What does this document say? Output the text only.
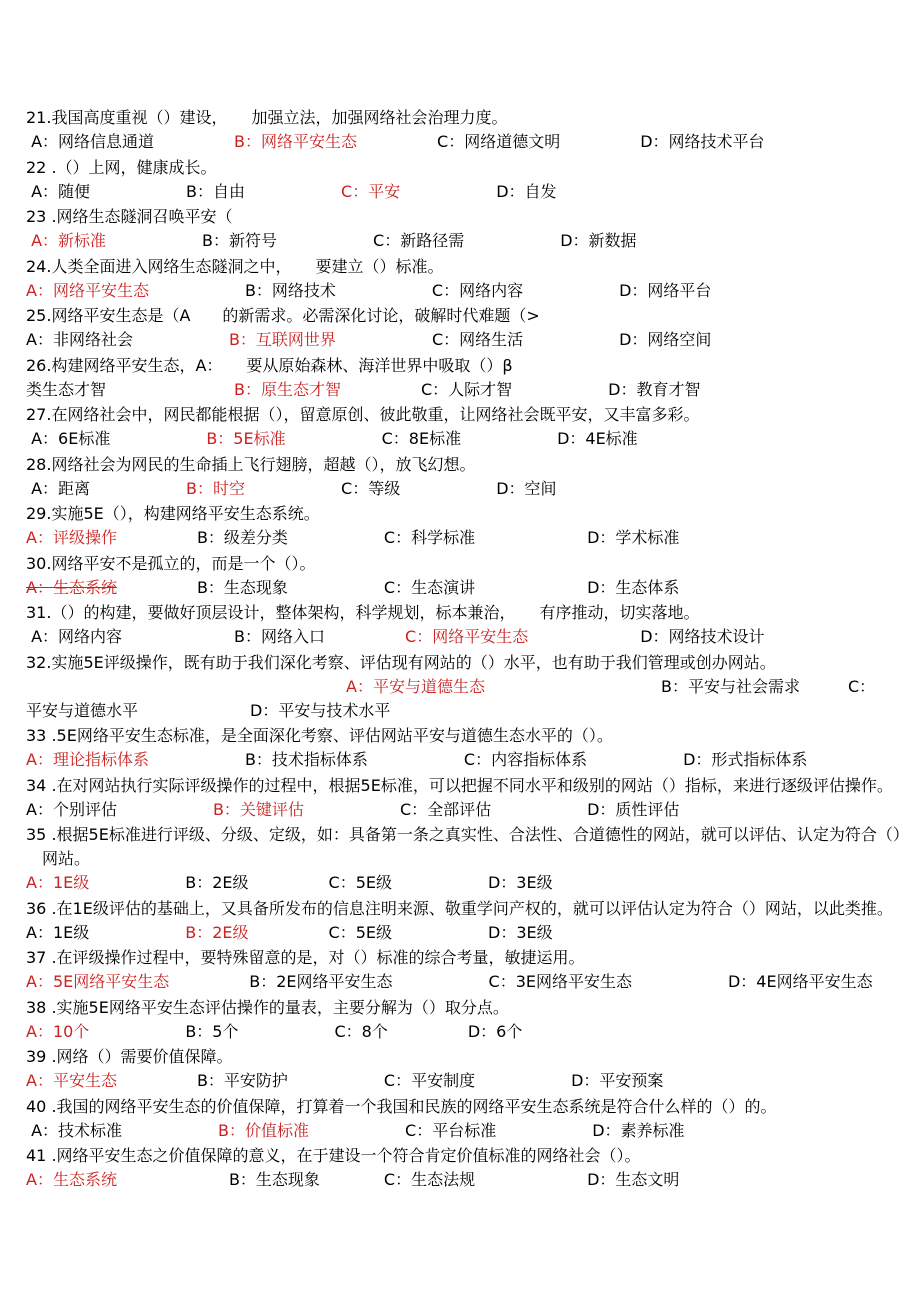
21.我国高度重视（）建设，　　加强立法，加强网络社会治理力度。
A：网络信息通道　　　　　B：网络平安生态　　　　　C：网络道德文明　　　　　D：网络技术平台
22 .（）上网，健康成长。
A：随便　　　　　　B：自由　　　　　　C：平安　　　　　　D：自发
23 .网络生态隧洞召唤平安（
A：新标准　　　　　　B：新符号　　　　　　C：新路径需　　　　　　D：新数据
24.人类全面进入网络生态隧洞之中，　　要建立（）标准。
A：网络平安生态　　　　　　B：网络技术　　　　　　C：网络内容　　　　　　D：网络平台
25.网络平安生态是（A　　的新需求。必需深化讨论，破解时代难题（>
A：非网络社会　　　　　　B：互联网世界　　　　　　C：网络生活　　　　　　D：网络空间
26.构建网络平安生态，A：　　要从原始森林、海洋世界中吸取（）β
类生态才智　　　　　　　　B：原生态才智　　　　　C：人际才智　　　　　　D：教育才智
27.在网络社会中，网民都能根据（），留意原创、彼此敬重，让网络社会既平安，又丰富多彩。
A：6E标准　　　　　　B：5E标准　　　　　　C：8E标准　　　　　　D：4E标准
28.网络社会为网民的生命插上飞行翅膀，超越（），放飞幻想。
A：距离　　　　　　B：时空　　　　　　C：等级　　　　　　D：空间
29.实施5E（），构建网络平安生态系统。
A：评级操作　　　　　B：级差分类　　　　　　C：科学标准　　　　　　　D：学术标准
30.网络平安不是孤立的，而是一个（）。
A：生态系统　　　　　B：生态现象　　　　　　C：生态演讲　　　　　　　D：生态体系
31.（）的构建，要做好顶层设计，整体架构，科学规划，标本兼治，　　有序推动，切实落地。
A：网络内容　　　　　　　B：网络入口　　　　　C：网络平安生态　　　　　　　D：网络技术设计
32.实施5E评级操作，既有助于我们深化考察、评估现有网站的（）水平，也有助于我们管理或创办网站。
　　　　　　　　　　　　　　　　　　　　A：平安与道德生态　　　　　　　　　　　B：平安与社会需求　　　C：
平安与道德水平　　　　　　　D：平安与技术水平
33 .5E网络平安生态标准，是全面深化考察、评估网站平安与道德生态水平的（）。
A：理论指标体系　　　　　　B：技术指标体系　　　　　　C：内容指标体系　　　　　　D：形式指标体系
34 .在对网站执行实际评级操作的过程中，根据5E标准，可以把握不同水平和级别的网站（）指标，来进行逐级评估操作。
A：个别评估　　　　　　B：关键评估　　　　　　C：全部评估　　　　　　D：质性评估
35 .根据5E标准进行评级、分级、定级，如：具备第一条之真实性、合法性、合道德性的网站，就可以评估、认定为符合（）
　网站。
A：1E级　　　　　　B：2E级　　　　　C：5E级　　　　　　D：3E级
36 .在1E级评估的基础上，又具备所发布的信息注明来源、敬重学问产权的，就可以评估认定为符合（）网站，以此类推。
A：1E级　　　　　　B：2E级　　　　　C：5E级　　　　　　D：3E级
37 .在评级操作过程中，要特殊留意的是，对（）标准的综合考量，敏捷运用。
A：5E网络平安生态　　　　　B：2E网络平安生态　　　　　　C：3E网络平安生态　　　　　　D：4E网络平安生态
38 .实施5E网络平安生态评估操作的量表，主要分解为（）取分点。
A：10个　　　　　　B：5个　　　　　　C：8个　　　　　D：6个
39 .网络（）需要价值保障。
A：平安生态　　　　　B：平安防护　　　　　　C：平安制度　　　　　　D：平安预案
40 .我国的网络平安生态的价值保障，打算着一个我国和民族的网络平安生态系统是符合什么样的（）的。
A：技术标准　　　　　　B：价值标准　　　　　　C：平台标准　　　　　　D：素养标准
41 .网络平安生态之价值保障的意义，在于建设一个符合肯定价值标准的网络社会（）。
A：生态系统　　　　　　　B：生态现象　　　　C：生态法规　　　　　　　D：生态文明
